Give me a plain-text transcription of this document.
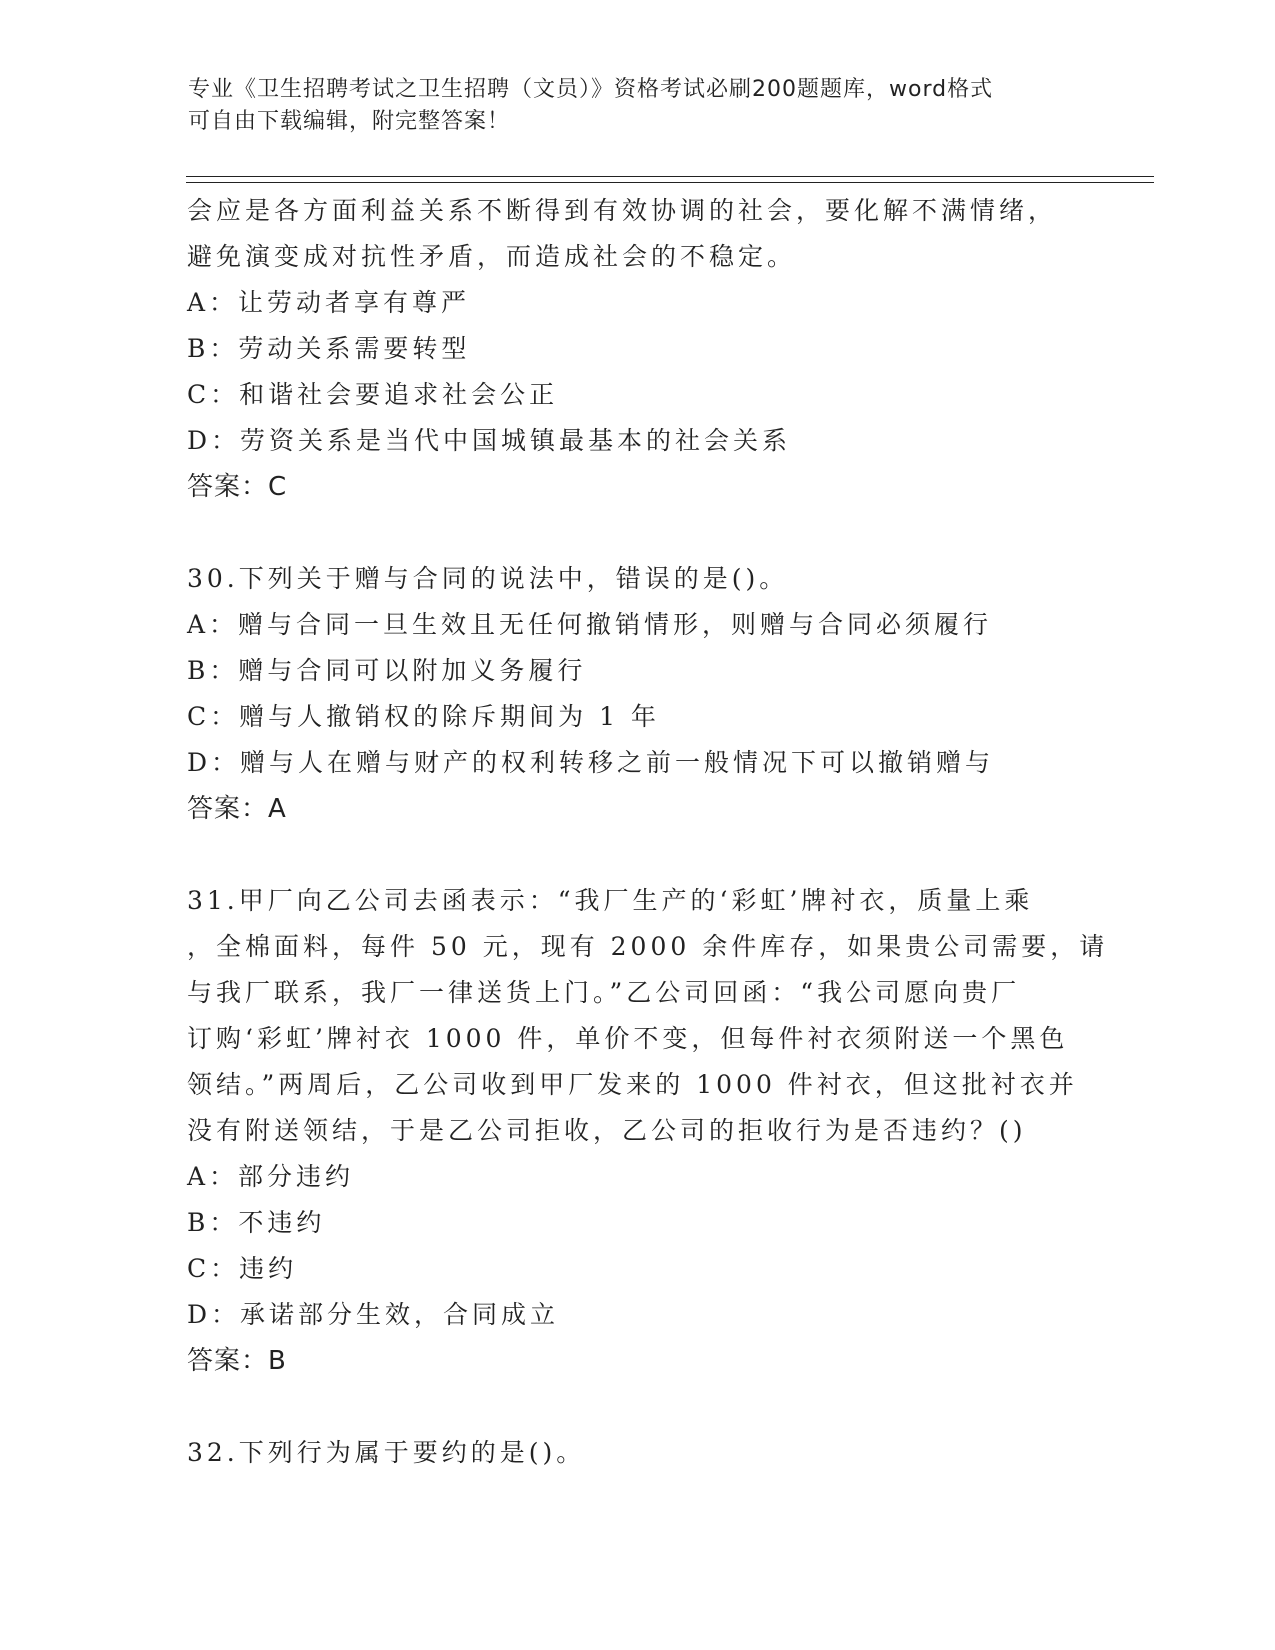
专业《卫生招聘考试之卫生招聘（文员）》资格考试必刷200题题库，word格式
可自由下载编辑，附完整答案！
会应是各方面利益关系不断得到有效协调的社会，要化解不满情绪，
避免演变成对抗性矛盾，而造成社会的不稳定。
A：让劳动者享有尊严
B：劳动关系需要转型
C：和谐社会要追求社会公正
D：劳资关系是当代中国城镇最基本的社会关系
答案：C
30.下列关于赠与合同的说法中，错误的是()。
A：赠与合同一旦生效且无任何撤销情形，则赠与合同必须履行
B：赠与合同可以附加义务履行
C：赠与人撤销权的除斥期间为 1 年
D：赠与人在赠与财产的权利转移之前一般情况下可以撤销赠与
答案：A
31.甲厂向乙公司去函表示：“我厂生产的‘彩虹’牌衬衣，质量上乘
，全棉面料，每件 50 元，现有 2000 余件库存，如果贵公司需要，请
与我厂联系，我厂一律送货上门。”乙公司回函：“我公司愿向贵厂
订购‘彩虹’牌衬衣 1000 件，单价不变，但每件衬衣须附送一个黑色
领结。”两周后，乙公司收到甲厂发来的 1000 件衬衣，但这批衬衣并
没有附送领结，于是乙公司拒收，乙公司的拒收行为是否违约？()
A：部分违约
B：不违约
C：违约
D：承诺部分生效，合同成立
答案：B
32.下列行为属于要约的是()。
